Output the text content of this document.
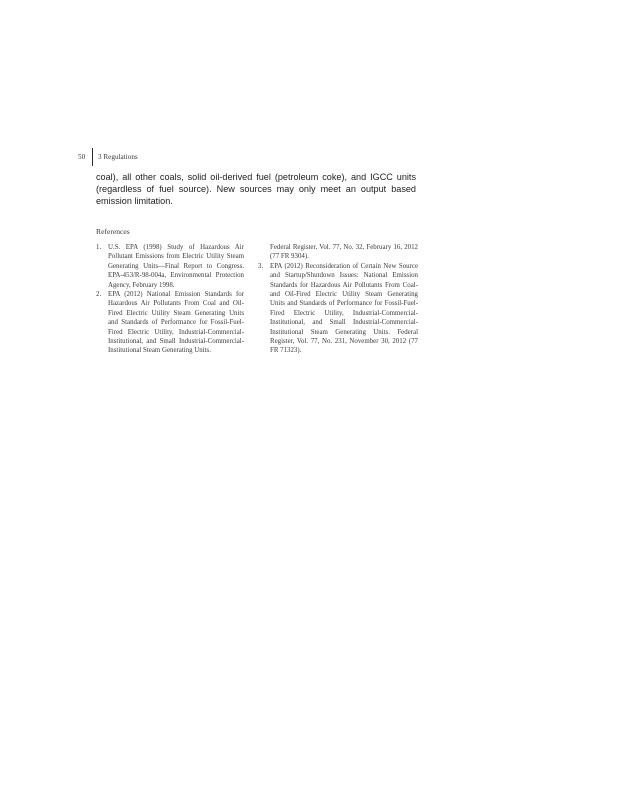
50 3 Regulations

coal), all other coals, solid oil-derived fuel (petroleum coke), and IGCC units (regardless of fuel source). New sources may only meet an output based emission limitation.

References
1. U.S. EPA (1998) Study of Hazardous Air Pollutant Emissions from Electric Utility Steam Generating Units—Final Report to Congress. EPA-453/R-98-004a, Environmental Protection Agency, February 1998.
2. EPA (2012) National Emission Standards for Hazardous Air Pollutants From Coal and Oil-Fired Electric Utility Steam Generating Units and Standards of Performance for Fossil-Fuel-Fired Electric Utility, Industrial-Commercial-Institutional, and Small Industrial-Commercial-Institutional Steam Generating Units.
Federal Register, Vol. 77, No. 32, February 16, 2012 (77 FR 9304).
3. EPA (2012) Reconsideration of Certain New Source and Startup/Shutdown Issues: National Emission Standards for Hazardous Air Pollutants From Coal- and Oil-Fired Electric Utility Steam Generating Units and Standards of Performance for Fossil-Fuel-Fired Electric Utility, Industrial-Commercial-Institutional, and Small Industrial-Commercial-Institutional Steam Generating Units. Federal Register, Vol. 77, No. 231, November 30, 2012 (77 FR 71323).
